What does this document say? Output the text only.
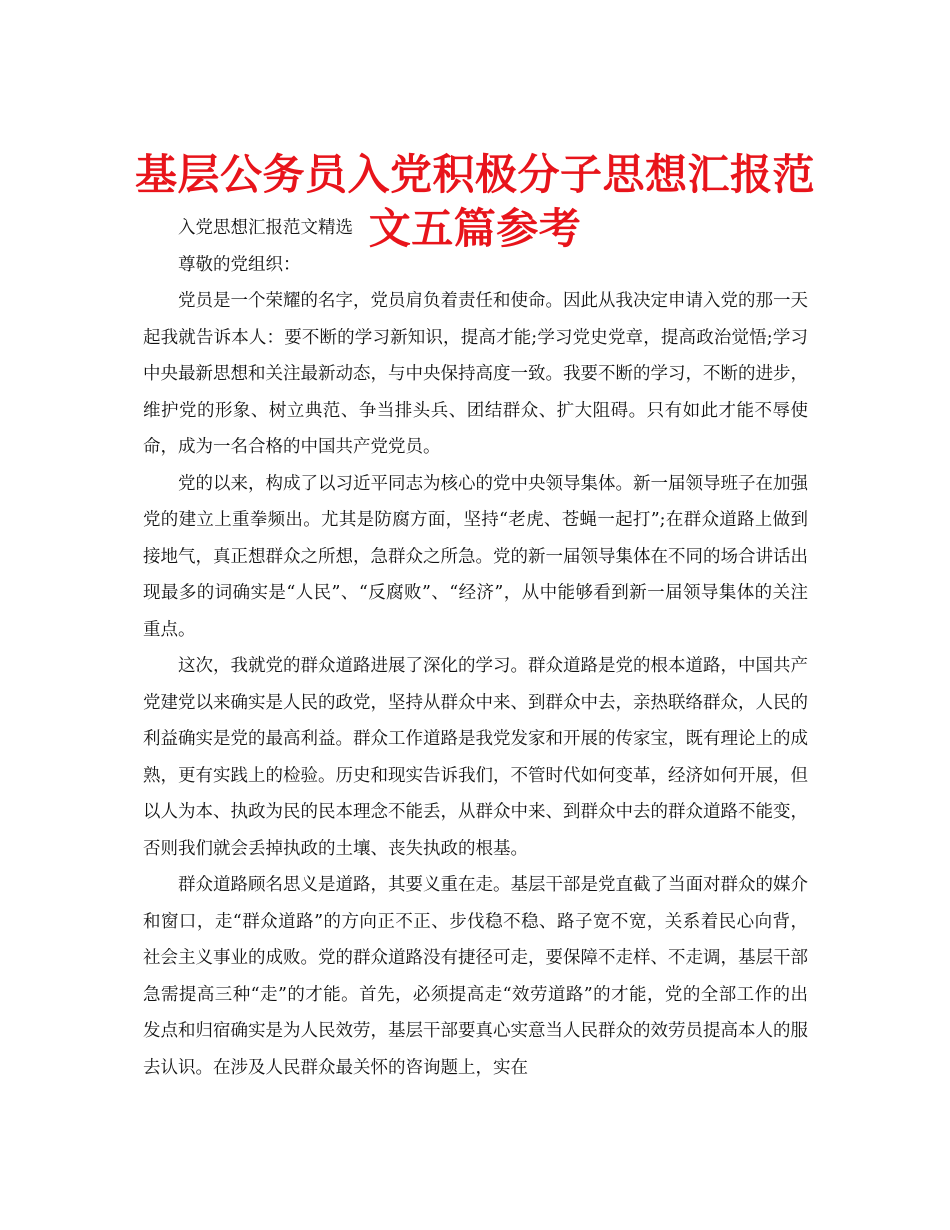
基层公务员入党积极分子思想汇报范文五篇参考

入党思想汇报范文精选

尊敬的党组织：

党员是一个荣耀的名字，党员肩负着责任和使命。因此从我决定申请入党的那一天起我就告诉本人：要不断的学习新知识，提高才能;学习党史党章，提高政治觉悟;学习中央最新思想和关注最新动态，与中央保持高度一致。我要不断的学习，不断的进步，维护党的形象、树立典范、争当排头兵、团结群众、扩大阻碍。只有如此才能不辱使命，成为一名合格的中国共产党党员。

党的以来，构成了以习近平同志为核心的党中央领导集体。新一届领导班子在加强党的建立上重拳频出。尤其是防腐方面，坚持“老虎、苍蝇一起打”;在群众道路上做到接地气，真正想群众之所想，急群众之所急。党的新一届领导集体在不同的场合讲话出现最多的词确实是“人民”、“反腐败”、“经济”，从中能够看到新一届领导集体的关注重点。

这次，我就党的群众道路进展了深化的学习。群众道路是党的根本道路，中国共产党建党以来确实是人民的政党，坚持从群众中来、到群众中去，亲热联络群众，人民的利益确实是党的最高利益。群众工作道路是我党发家和开展的传家宝，既有理论上的成熟，更有实践上的检验。历史和现实告诉我们，不管时代如何变革，经济如何开展，但以人为本、执政为民的民本理念不能丢，从群众中来、到群众中去的群众道路不能变，否则我们就会丢掉执政的土壤、丧失执政的根基。

群众道路顾名思义是道路，其要义重在走。基层干部是党直截了当面对群众的媒介和窗口，走“群众道路”的方向正不正、步伐稳不稳、路子宽不宽，关系着民心向背，社会主义事业的成败。党的群众道路没有捷径可走，要保障不走样、不走调，基层干部急需提高三种“走”的才能。首先，必须提高走“效劳道路”的才能，党的全部工作的出发点和归宿确实是为人民效劳，基层干部要真心实意当人民群众的效劳员提高本人的服去认识。在涉及人民群众最关怀的咨询题上，实在
